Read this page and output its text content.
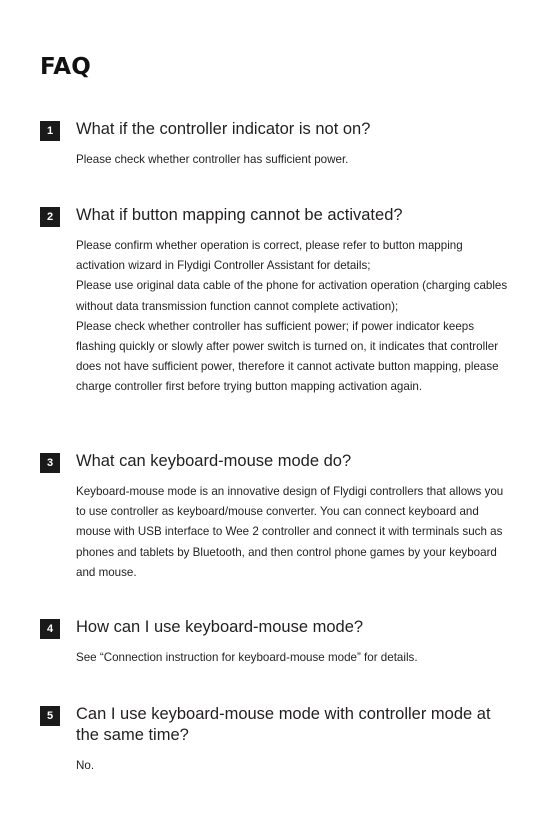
FAQ
1	What if the controller indicator is not on?

Please check whether controller has sufficient power.

2	What if button mapping cannot be activated?

Please confirm whether operation is correct, please refer to button mapping activation wizard in Flydigi Controller Assistant for details;

Please use original data cable of the phone for activation operation (charging cables without data transmission function cannot complete activation);

Please check whether controller has sufficient power; if power indicator keeps flashing quickly or slowly after power switch is turned on, it indicates that controller does not have sufficient power, therefore it cannot activate button mapping, please charge controller first before trying button mapping activation again.

3	What can keyboard-mouse mode do?

Keyboard-mouse mode is an innovative design of Flydigi controllers that allows you to use controller as keyboard/mouse converter. You can connect keyboard and mouse with USB interface to Wee 2 controller and connect it with terminals such as phones and tablets by Bluetooth, and then control phone games by your keyboard and mouse.

4	How can I use keyboard-mouse mode?

See “Connection instruction for keyboard-mouse mode” for details.

5	Can I use keyboard-mouse mode with controller mode at the same time?

No.
